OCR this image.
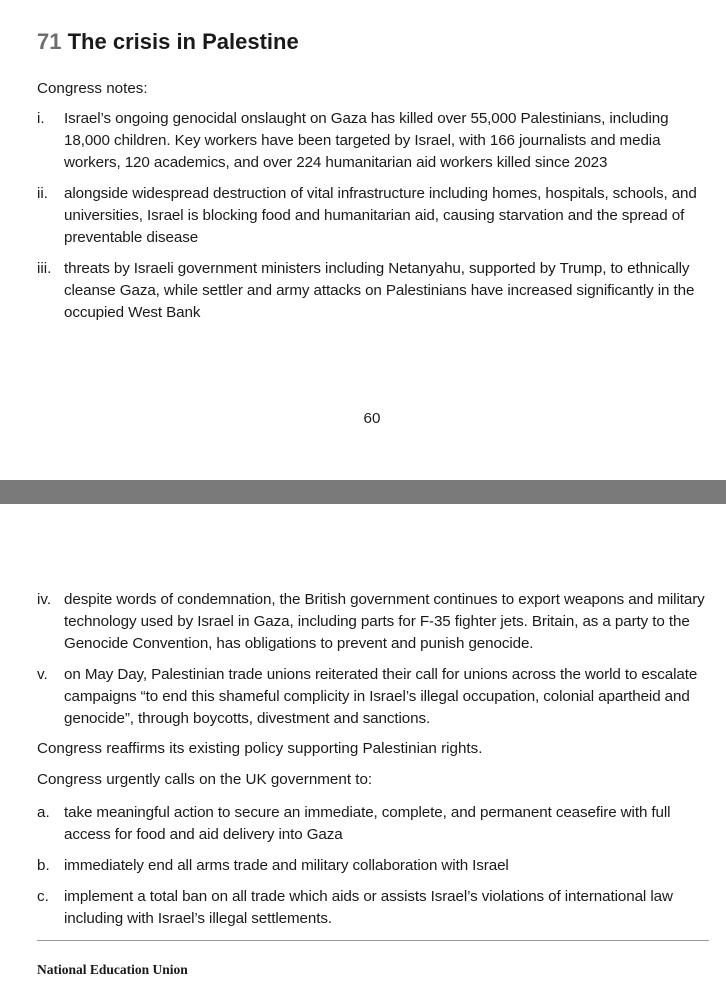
71 The crisis in Palestine

Congress notes:

i.	Israel’s ongoing genocidal onslaught on Gaza has killed over 55,000 Palestinians, including 18,000 children. Key workers have been targeted by Israel, with 166 journalists and media workers, 120 academics, and over 224 humanitarian aid workers killed since 2023
ii.	alongside widespread destruction of vital infrastructure including homes, hospitals, schools, and universities, Israel is blocking food and humanitarian aid, causing starvation and the spread of preventable disease
iii. threats by Israeli government ministers including Netanyahu, supported by Trump, to ethnically cleanse Gaza, while settler and army attacks on Palestinians have increased significantly in the occupied West Bank
60
iv. despite words of condemnation, the British government continues to export weapons and military technology used by Israel in Gaza, including parts for F-35 fighter jets. Britain, as a party to the Genocide Convention, has obligations to prevent and punish genocide.
v.	on May Day, Palestinian trade unions reiterated their call for unions across the world to escalate campaigns “to end this shameful complicity in Israel’s illegal occupation, colonial apartheid and genocide”, through boycotts, divestment and sanctions.

Congress reaffirms its existing policy supporting Palestinian rights.

Congress urgently calls on the UK government to:

a. take meaningful action to secure an immediate, complete, and permanent ceasefire with full access for food and aid delivery into Gaza
b. immediately end all arms trade and military collaboration with Israel
c. implement a total ban on all trade which aids or assists Israel’s violations of international law including with Israel’s illegal settlements.
National Education Union
